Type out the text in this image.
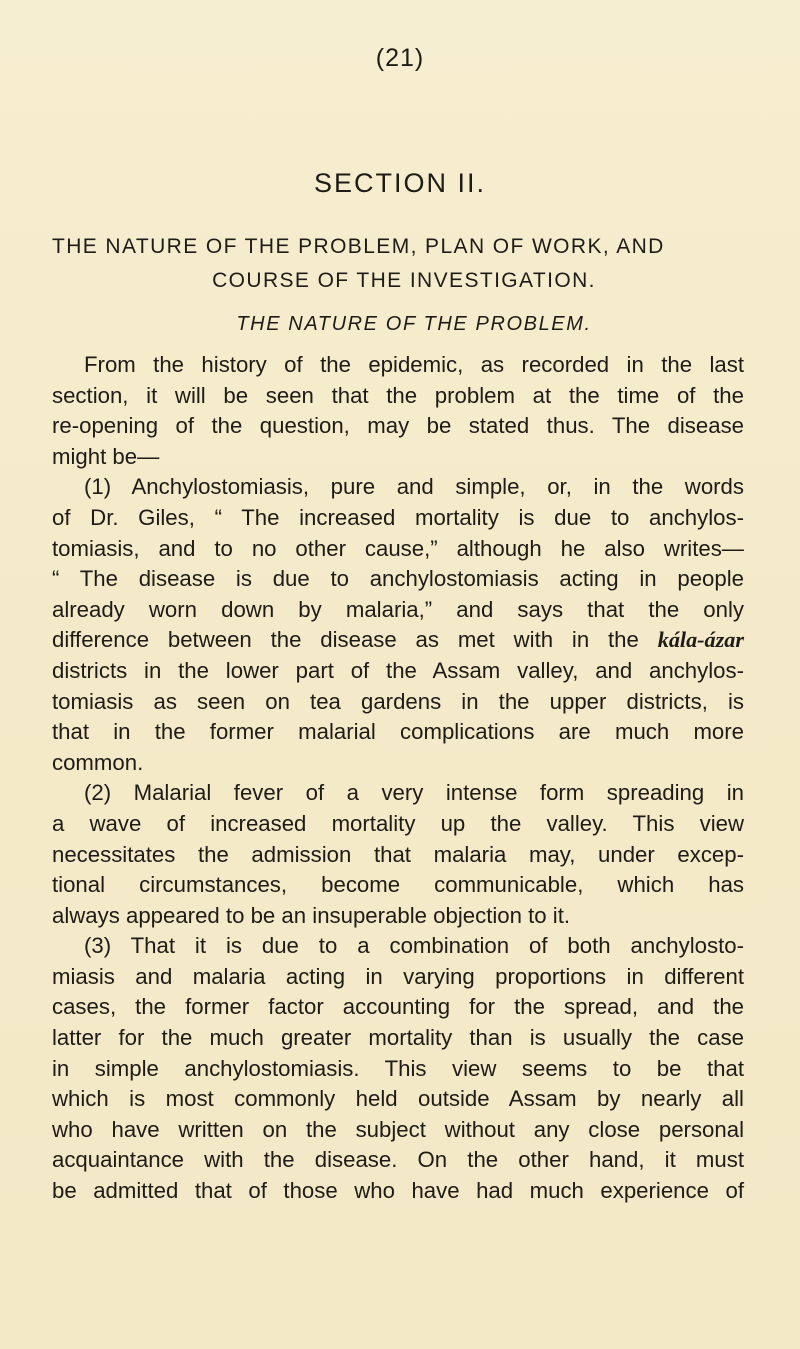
(21)
SECTION II.
THE NATURE OF THE PROBLEM, PLAN OF WORK, AND
COURSE OF THE INVESTIGATION.
THE NATURE OF THE PROBLEM.
From the history of the epidemic, as recorded in the last
section, it will be seen that the problem at the time of the
re-opening of the question, may be stated thus. The disease
might be—
(1) Anchylostomiasis, pure and simple, or, in the words
of Dr. Giles, “ The increased mortality is due to anchylos-
tomiasis, and to no other cause,” although he also writes—
“ The disease is due to anchylostomiasis acting in people
already worn down by malaria,” and says that the only
difference between the disease as met with in the kála-ázar
districts in the lower part of the Assam valley, and anchylos-
tomiasis as seen on tea gardens in the upper districts, is
that in the former malarial complications are much more
common.
(2) Malarial fever of a very intense form spreading in
a wave of increased mortality up the valley. This view
necessitates the admission that malaria may, under excep-
tional circumstances, become communicable, which has
always appeared to be an insuperable objection to it.
(3) That it is due to a combination of both anchylosto-
miasis and malaria acting in varying proportions in different
cases, the former factor accounting for the spread, and the
latter for the much greater mortality than is usually the case
in simple anchylostomiasis. This view seems to be that
which is most commonly held outside Assam by nearly all
who have written on the subject without any close personal
acquaintance with the disease. On the other hand, it must
be admitted that of those who have had much experience of
